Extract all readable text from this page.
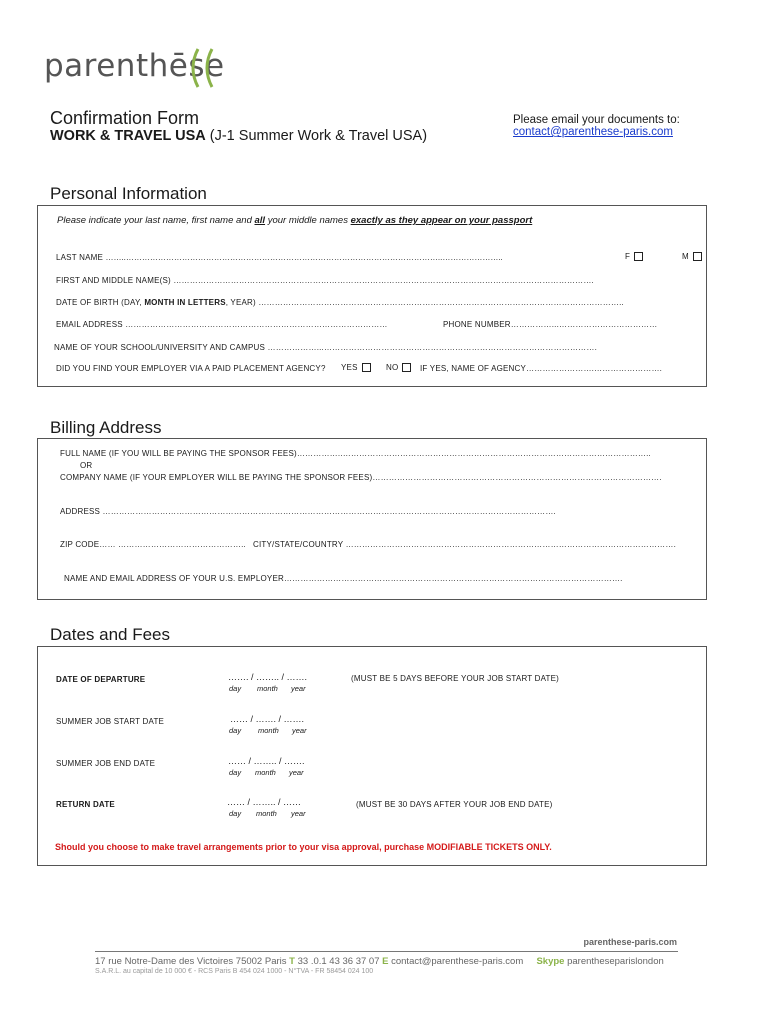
parenthēse
Confirmation Form
WORK & TRAVEL USA (J-1 Summer Work & Travel USA)
Please email your documents to:
contact@parenthese-paris.com
Personal Information
Please indicate your last name, first name and all your middle names exactly as they appear on your passport
LAST NAME ……..………………………………………………………………………………………………………..…………………..	F	M
FIRST AND MIDDLE NAME(S) ……………………………………………………………………………………………………………………………………….
DATE OF BIRTH (DAY, MONTH IN LETTERS, YEAR) ……………………………………………………………………………………………………………………..
EMAIL ADDRESS ……………………………………………………………………………………	PHONE NUMBER……………...………………………………
NAME OF YOUR SCHOOL/UNIVERSITY AND CAMPUS ………………...……………………………………………………………………………………….
DID YOU FIND YOUR EMPLOYER VIA A PAID PLACEMENT AGENCY? YES	NO	IF YES, NAME OF AGENCY…………………….…………………….
Billing Address
FULL NAME (IF YOU WILL BE PAYING THE SPONSOR FEES)……………..…………………………………………………………………………………………………..
OR
COMPANY NAME (IF YOUR EMPLOYER WILL BE PAYING THE SPONSOR FEES)…………………………………………………………………………………………….
ADDRESS ………………………………………………………………………………………………………………………………………………….
ZIP CODE…… ……………………………………….. CITY/STATE/COUNTRY ………………………………………………………………………………………………………….
NAME AND EMAIL ADDRESS OF YOUR U.S. EMPLOYER…………………………………………………………………………………………………………….
Dates and Fees
DATE OF DEPARTURE	……. / …….. / …….
day month year
(MUST BE 5 DAYS BEFORE YOUR JOB START DATE)
SUMMER JOB START DATE	…… / ……. / …….
day month year
SUMMER JOB END DATE	…… / …….. / …….
day month year
RETURN DATE	…… / …….. / ……
day month year
(MUST BE 30 DAYS AFTER YOUR JOB END DATE)
Should you choose to make travel arrangements prior to your visa approval, purchase MODIFIABLE TICKETS ONLY.
parenthese-paris.com
17 rue Notre-Dame des Victoires 75002 Paris T 33 .0.1 43 36 37 07 E contact@parenthese-paris.com Skype parentheseparislondon
S.A.R.L. au capital de 10 000 € - RCS Paris B 454 024 1000 - N°TVA - FR 58454 024 100
